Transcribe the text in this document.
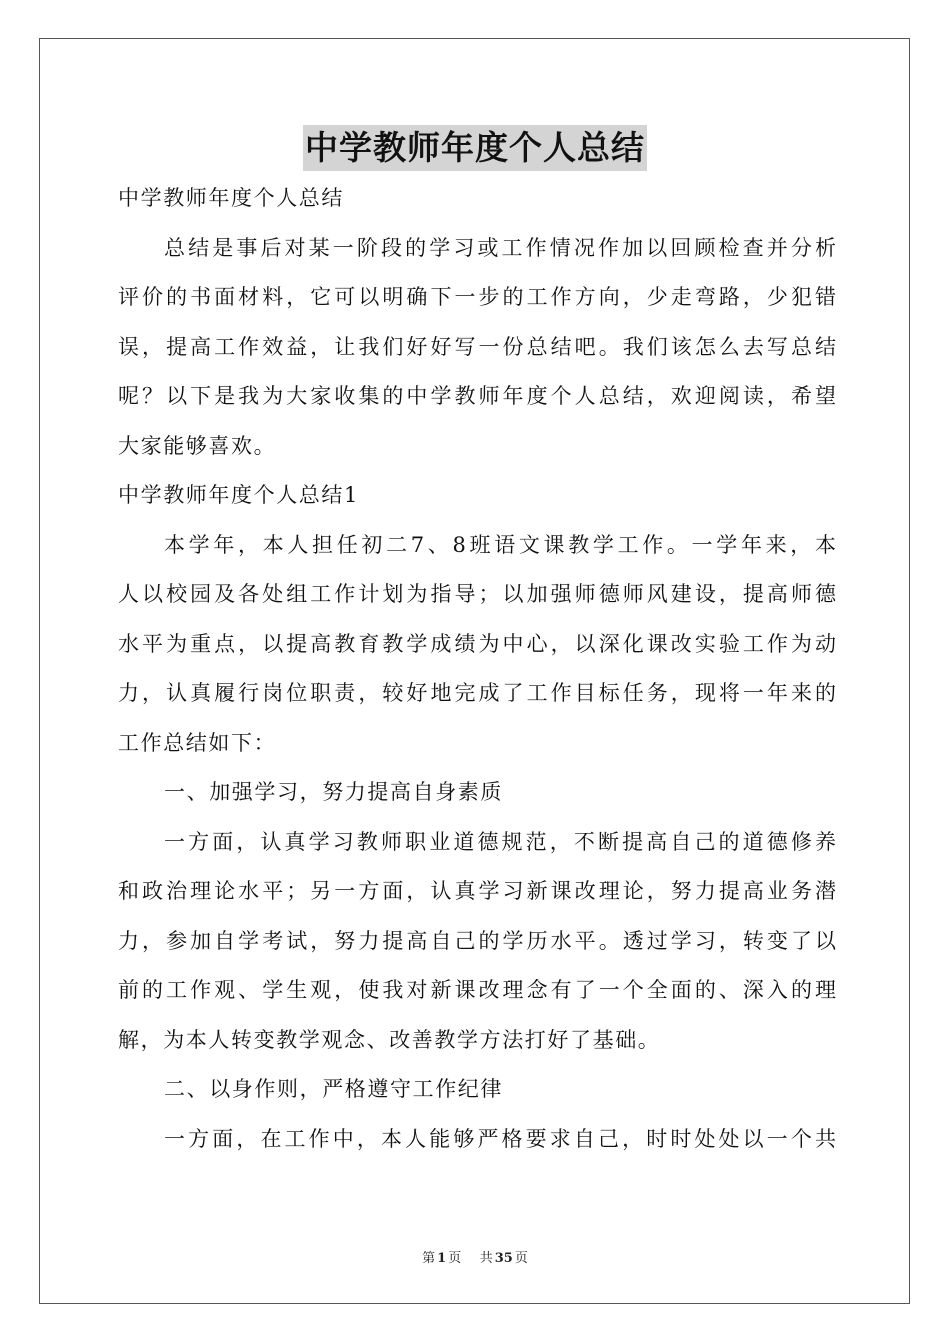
中学教师年度个人总结
中学教师年度个人总结
总结是事后对某一阶段的学习或工作情况作加以回顾检查并分析
评价的书面材料，它可以明确下一步的工作方向，少走弯路，少犯错
误，提高工作效益，让我们好好写一份总结吧。我们该怎么去写总结
呢？以下是我为大家收集的中学教师年度个人总结，欢迎阅读，希望
大家能够喜欢。
中学教师年度个人总结1
本学年，本人担任初二7、8班语文课教学工作。一学年来，本
人以校园及各处组工作计划为指导；以加强师德师风建设，提高师德
水平为重点，以提高教育教学成绩为中心，以深化课改实验工作为动
力，认真履行岗位职责，较好地完成了工作目标任务，现将一年来的
工作总结如下：
一、加强学习，努力提高自身素质
一方面，认真学习教师职业道德规范，不断提高自己的道德修养
和政治理论水平；另一方面，认真学习新课改理论，努力提高业务潜
力，参加自学考试，努力提高自己的学历水平。透过学习，转变了以
前的工作观、学生观，使我对新课改理念有了一个全面的、深入的理
解，为本人转变教学观念、改善教学方法打好了基础。
二、以身作则，严格遵守工作纪律
一方面，在工作中，本人能够严格要求自己，时时处处以一个共
第 1 页 共 35 页
